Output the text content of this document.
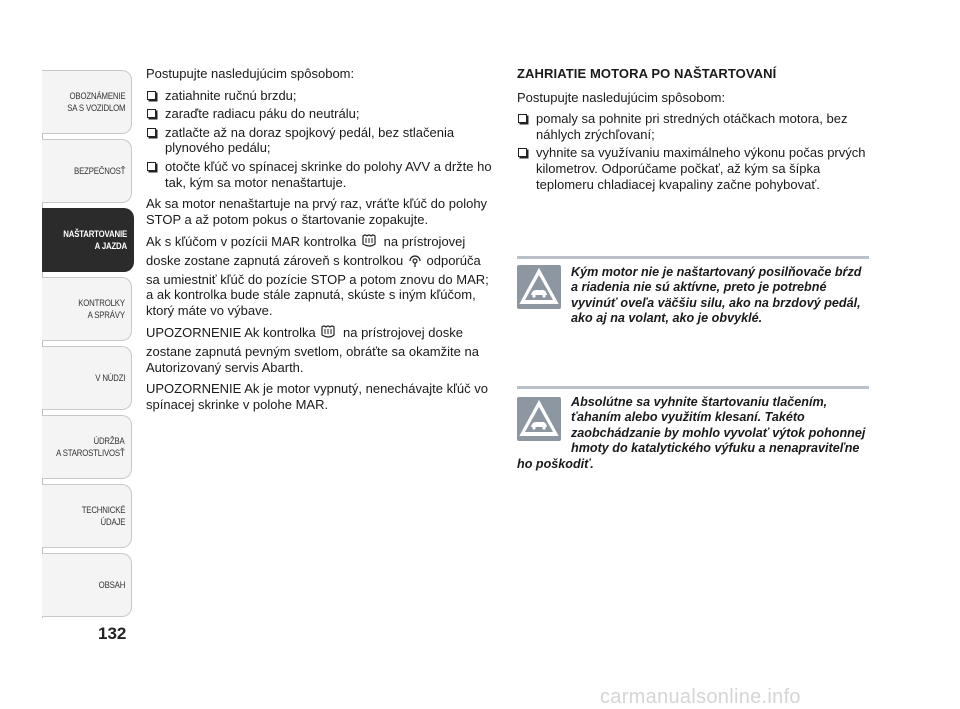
OBOZNÁMENIE
SA S VOZIDLOM
BEZPEČNOSŤ
NAŠTARTOVANIE
A JAZDA
KONTROLKY
A SPRÁVY
V NÚDZI
ÚDRŽBA
A STAROSTLIVOSŤ
TECHNICKÉ
ÚDAJE
OBSAH
132

Postupujte nasledujúcim spôsobom:

zatiahnite ručnú brzdu;
zaraďte radiacu páku do neutrálu;
zatlačte až na doraz spojkový pedál, bez stlačenia plynového pedálu;
otočte kľúč vo spínacej skrinke do polohy AVV a držte ho tak, kým sa motor nenaštartuje.

Ak sa motor nenaštartuje na prvý raz, vráťte kľúč do polohy STOP a až potom pokus o štartovanie zopakujte.

Ak s kľúčom v pozícii MAR kontrolka  na prístrojovej doske zostane zapnutá zároveň s kontrolkou  odporúča sa umiestniť kľúč do pozície STOP a potom znovu do MAR; a ak kontrolka bude stále zapnutá, skúste s iným kľúčom, ktorý máte vo výbave.

UPOZORNENIE Ak kontrolka  na prístrojovej doske zostane zapnutá pevným svetlom, obráťte sa okamžite na Autorizovaný servis Abarth.

UPOZORNENIE Ak je motor vypnutý, nenechávajte kľúč vo spínacej skrinke v polohe MAR.

ZAHRIATIE MOTORA PO NAŠTARTOVANÍ

Postupujte nasledujúcim spôsobom:

pomaly sa pohnite pri stredných otáčkach motora, bez náhlych zrýchľovaní;
vyhnite sa využívaniu maximálneho výkonu počas prvých kilometrov. Odporúčame počkať, až kým sa šípka teplomeru chladiacej kvapaliny začne pohybovať.
Kým motor nie je naštartovaný posilňovače bŕzd a riadenia nie sú aktívne, preto je potrebné vyvinúť oveľa väčšiu silu, ako na brzdový pedál, ako aj na volant, ako je obvyklé.
Absolútne sa vyhnite štartovaniu tlačením, ťahaním alebo využitím klesaní. Takéto zaobchádzanie by mohlo vyvolať výtok pohonnej hmoty do katalytického výfuku a nenapraviteľne ho poškodiť.
carmanualsonline.info
